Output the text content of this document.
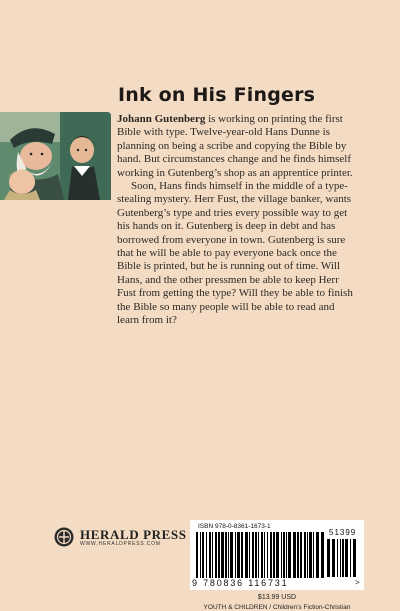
Ink on His Fingers

Johann Gutenberg is working on printing the first Bible with type. Twelve-year-old Hans Dunne is planning on being a scribe and copying the Bible by hand. But circumstances change and he finds himself working in Gutenberg’s shop as an apprentice printer.

Soon, Hans finds himself in the middle of a type-stealing mystery. Herr Fust, the village banker, wants Gutenberg’s type and tries every possible way to get his hands on it. Gutenberg is deep in debt and has borrowed from everyone in town. Gutenberg is sure that he will be able to pay everyone back once the Bible is printed, but he is running out of time. Will Hans, and the other pressmen be able to keep Herr Fust from getting the type? Will they be able to finish the Bible so many people will be able to read and learn from it?

HERALD PRESS
WWW.HERALDPRESS.COM
ISBN 978-0-8361-1673-1
9 780836 116731
51399
>
$13.99 USD
YOUTH & CHILDREN / Children’s Fiction-Christian
